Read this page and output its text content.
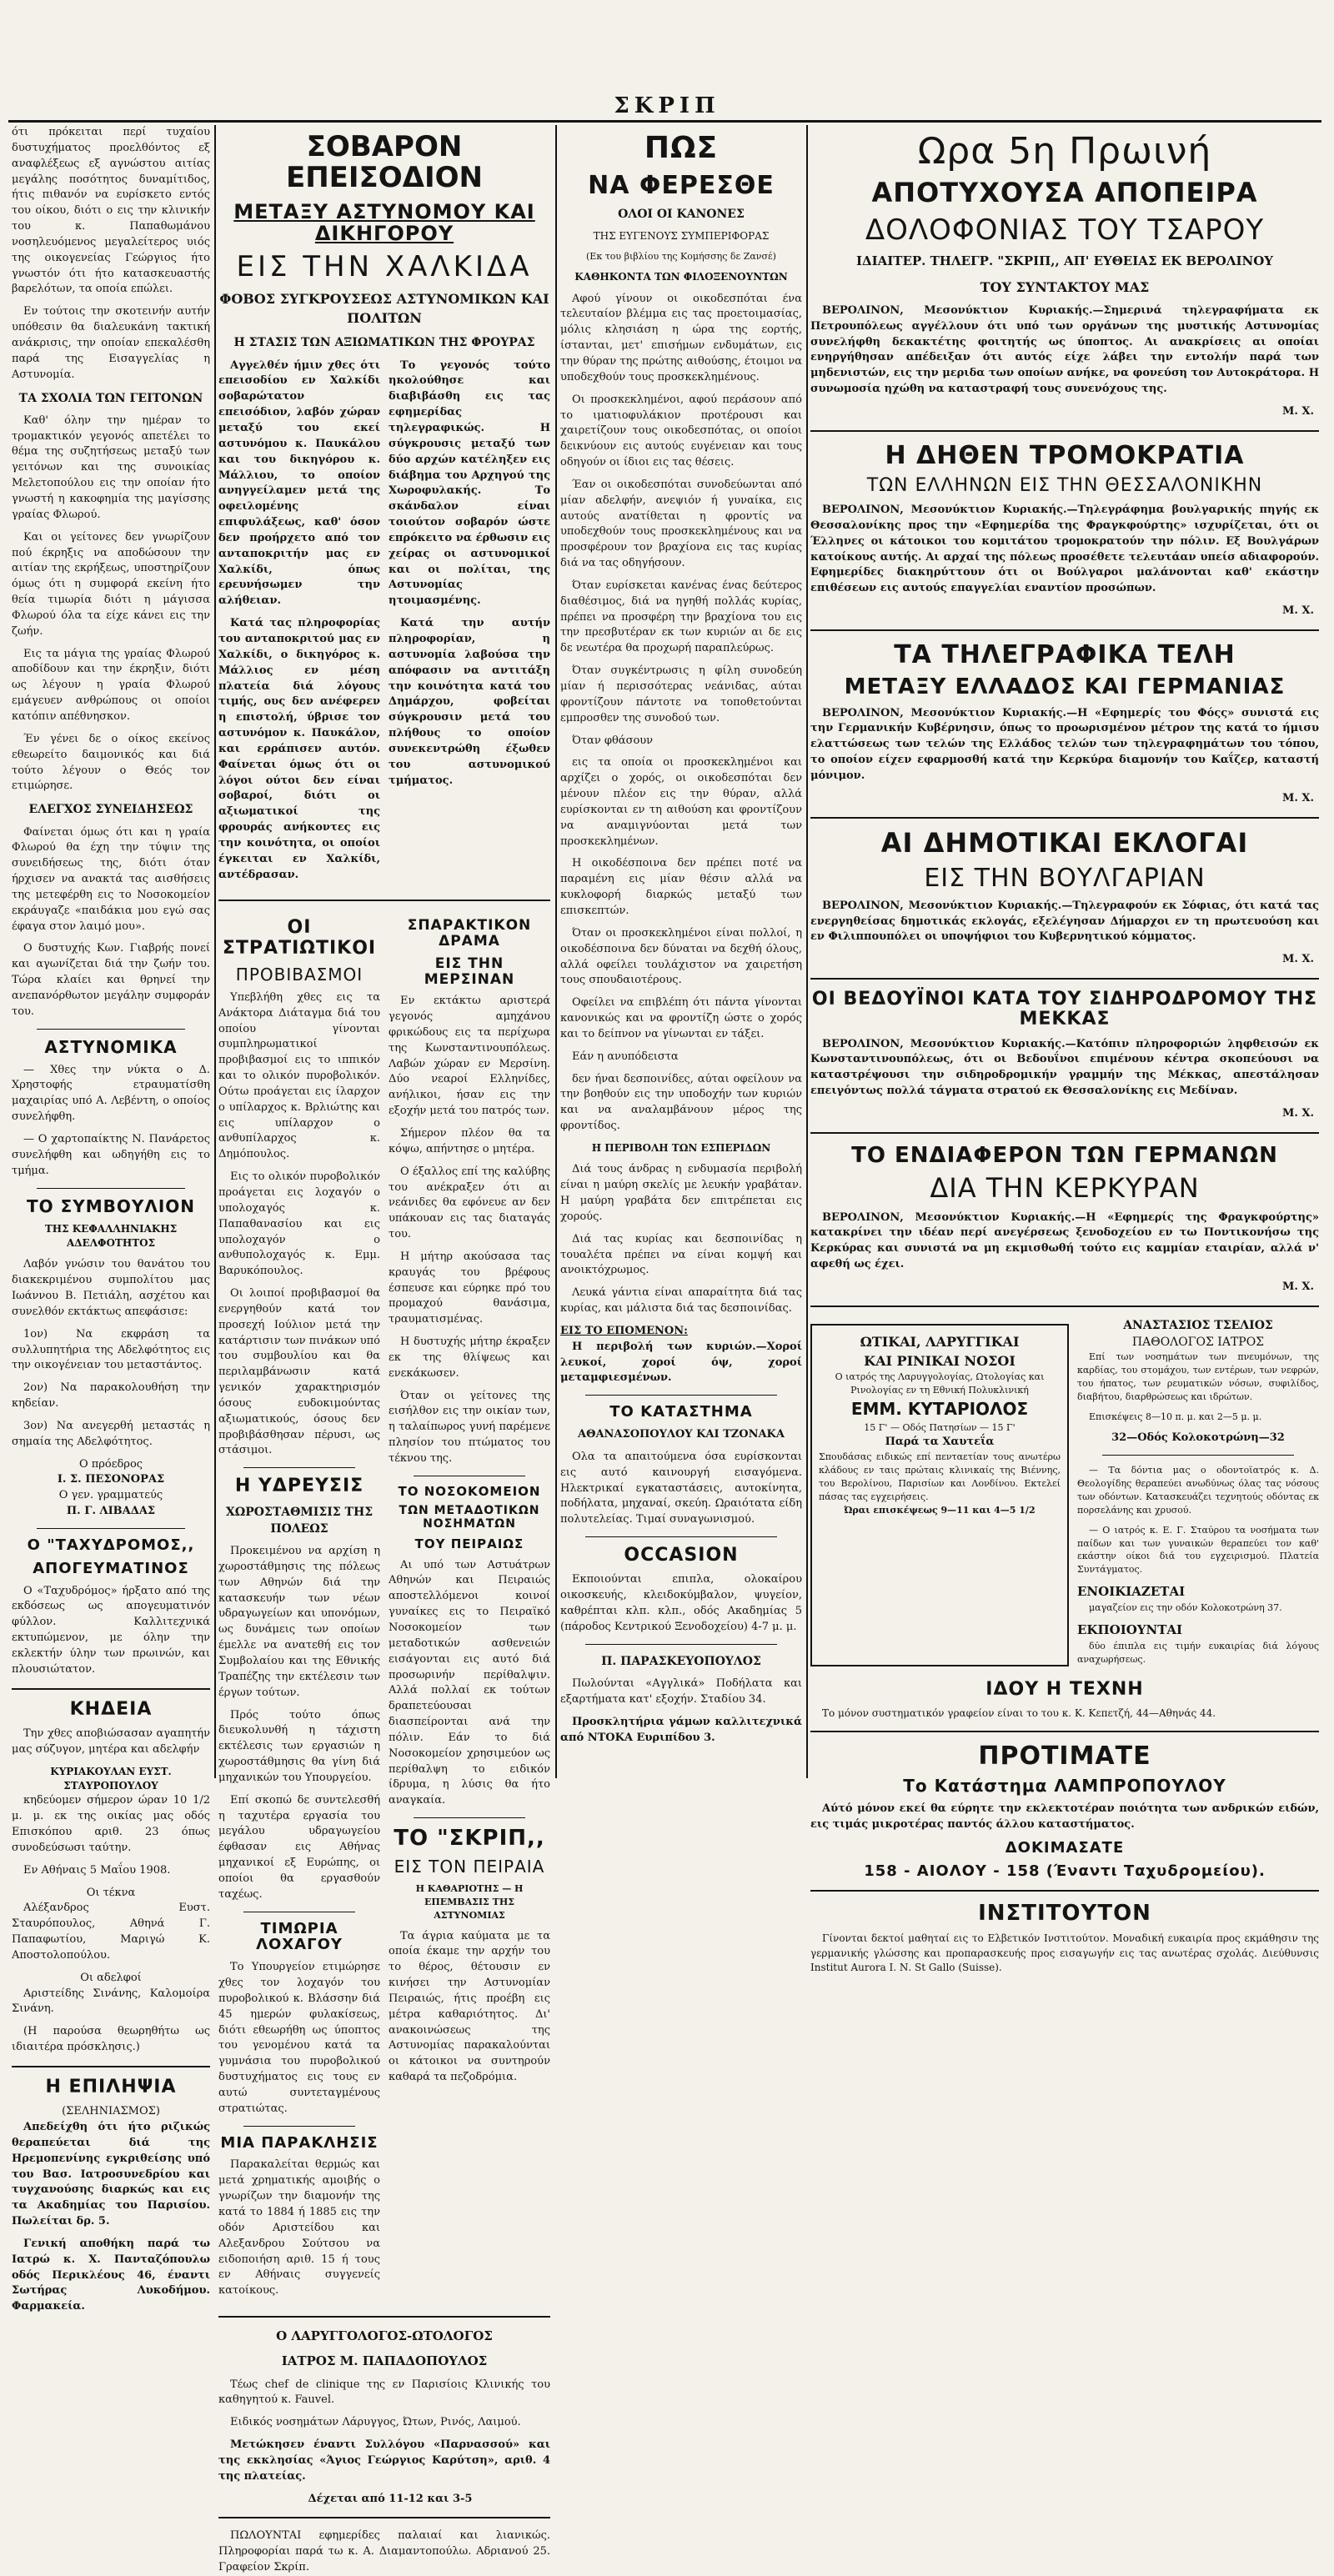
ΣΚΡΙΠ

ότι πρόκειται περί τυχαίου δυστυχήματος προελθόντος εξ αναφλέξεως εξ αγνώστου αιτίας μεγάλης ποσότητος δυναμίτιδος, ήτις πιθανόν να ευρίσκετο εντός του οίκου, διότι ο εις την κλινικήν του κ. Παπαθωμάνου νοσηλευόμενος μεγαλείτερος υιός της οικογενείας Γεώργιος ήτο γνωστόν ότι ήτο κατασκευαστής βαρελότων, τα οποία επώλει.

Εν τούτοις την σκοτεινήν αυτήν υπόθεσιν θα διαλευκάνη τακτική ανάκρισις, την οποίαν επεκαλέσθη παρά της Εισαγγελίας η Αστυνομία.

ΤΑ ΣΧΟΛΙΑ ΤΩΝ ΓΕΙΤΟΝΩΝ

Καθ' όλην την ημέραν το τρομακτικόν γεγονός απετέλει το θέμα της συζητήσεως μεταξύ των γειτόνων και της συνοικίας Μελετοπούλου εις την οποίαν ήτο γνωστή η κακοφημία της μαγίσσης γραίας Φλωρού.

Και οι γείτονες δεν γνωρίζουν πού έκρηξις να αποδώσουν την αιτίαν της εκρήξεως, υποστηρίζουν όμως ότι η συμφορά εκείνη ήτο θεία τιμωρία διότι η μάγισσα Φλωρού όλα τα είχε κάνει εις την ζωήν.

Εις τα μάγια της γραίας Φλωρού αποδίδουν και την έκρηξιν, διότι ως λέγουν η γραία Φλωρού εμάγευεν ανθρώπους οι οποίοι κατόπιν απέθνησκον.

Έν γένει δε ο οίκος εκείνος εθεωρείτο δαιμονικός και διά τούτο λέγουν ο Θεός τον ετιμώρησε.

ΕΛΕΓΧΟΣ ΣΥΝΕΙΔΗΣΕΩΣ

Φαίνεται όμως ότι και η γραία Φλωρού θα έχη την τύψιν της συνειδήσεως της, διότι όταν ήρχισεν να ανακτά τας αισθήσεις της μετεφέρθη εις το Νοσοκομείον εκράυγαζε «παιδάκια μου εγώ σας έφαγα στον λαιμό μου».

Ο δυστυχής Κων. Γιαβρής πονεί και αγωνίζεται διά την ζωήν του. Τώρα κλαίει και θρηνεί την ανεπανόρθωτον μεγάλην συμφοράν του.

ΑΣΤΥΝΟΜΙΚΑ

— Χθες την νύκτα ο Δ. Χρηστοφής ετραυματίσθη μαχαιρίας υπό Α. Λεβέντη, ο οποίος συνελήφθη.

— Ο χαρτοπαίκτης Ν. Πανάρετος συνελήφθη και ωδηγήθη εις το τμήμα.

ΤΟ ΣΥΜΒΟΥΛΙΟΝ
ΤΗΣ ΚΕΦΑΛΛΗΝΙΑΚΗΣ ΑΔΕΛΦΟΤΗΤΟΣ

Λαβόν γνώσιν του θανάτου του διακεκριμένου συμπολίτου μας Ιωάννου Β. Πετιάλη, ασχέτου και συνελθόν εκτάκτως απεφάσισε:

1ον) Να εκφράση τα συλλυπητήρια της Αδελφότητος εις την οικογένειαν του μεταστάντος.

2ον) Να παρακολουθήση την κηδείαν.

3ον) Να ανεγερθή μεταστάς η σημαία της Αδελφότητος.

Ο πρόεδρος
Ι. Σ. ΠΕΣΟΝΟΡΑΣ
Ο γεν. γραμματεύς
Π. Γ. ΛΙΒΑΔΑΣ
Ο "ΤΑΧΥΔΡΟΜΟΣ,,
ΑΠΟΓΕΥΜΑΤΙΝΟΣ

Ο «Ταχυδρόμος» ήρξατο από της εκδόσεως ως απογευματινόν φύλλον. Καλλιτεχνικά εκτυπώμενον, με όλην την εκλεκτήν ύλην των πρωινών, και πλουσιώτατον.

ΚΗΔΕΙΑ

Την χθες αποβιώσασαν αγαπητήν μας σύζυγον, μητέρα και αδελφήν

ΚΥΡΙΑΚΟΥΛΑΝ ΕΥΣΤ. ΣΤΑΥΡΟΠΟΥΛΟΥ

κηδεύομεν σήμερον ώραν 10 1/2 μ. μ. εκ της οικίας μας οδός Επισκόπου αριθ. 23 όπως συνοδεύσωσι ταύτην.

Εν Αθήναις 5 Μαΐου 1908.

Οι τέκνα

Αλέξανδρος Ευστ. Σταυρόπουλος, Αθηνά Γ. Παπαφωτίου, Μαριγώ Κ. Αποστολοπούλου.

Οι αδελφοί

Αριστείδης Σινάνης, Καλομοίρα Σινάνη.

(Η παρούσα θεωρηθήτω ως ιδιαιτέρα πρόσκλησις.)

Η ΕΠΙΛΗΨΙΑ
(ΣΕΛΗΝΙΑΣΜΟΣ)

Απεδείχθη ότι ήτο ριζικώς θεραπεύεται διά της Ηρεμοπενίνης εγκριθείσης υπό του Βασ. Ιατροσυνεδρίου και τυγχανούσης διαρκώς και εις τα Ακαδημίας του Παρισίου. Πωλείται δρ. 5.

Γενική αποθήκη παρά τω Ιατρώ κ. Χ. Πανταζόπουλω οδός Περικλέους 46, έναντι Σωτήρας Λυκοδήμου. Φαρμακεία.

ΣΟΒΑΡΟΝ ΕΠΕΙΣΟΔΙΟΝ
ΜΕΤΑΞΥ ΑΣΤΥΝΟΜΟΥ ΚΑΙ ΔΙΚΗΓΟΡΟΥ
ΕΙΣ ΤΗΝ ΧΑΛΚΙΔΑ
ΦΟΒΟΣ ΣΥΓΚΡΟΥΣΕΩΣ ΑΣΤΥΝΟΜΙΚΩΝ ΚΑΙ ΠΟΛΙΤΩΝ
Η ΣΤΑΣΙΣ ΤΩΝ ΑΞΙΩΜΑΤΙΚΩΝ ΤΗΣ ΦΡΟΥΡΑΣ

Αγγελθέν ήμιν χθες ότι επεισοδίου εν Χαλκίδι σοβαρώτατον επεισόδιον, λαβόν χώραν μεταξύ του εκεί αστυνόμου κ. Παυκάλου και του δικηγόρου κ. Μάλλιου, το οποίον ανηγγείλαμεν μετά της οφειλομένης επιφυλάξεως, καθ' όσον δεν προήρχετο από τον ανταποκριτήν μας εν Χαλκίδι, όπως ερευνήσωμεν την αλήθειαν.

Κατά τας πληροφορίας του ανταποκριτού μας εν Χαλκίδι, ο δικηγόρος κ. Μάλλιος εν μέση πλατεία διά λόγους τιμής, ους δεν ανέφερεν η επιστολή, ύβρισε τον αστυνόμον κ. Παυκάλον, και ερράπισεν αυτόν. Φαίνεται όμως ότι οι λόγοι ούτοι δεν είναι σοβαροί, διότι οι αξιωματικοί της φρουράς ανήκοντες εις την κοινότητα, οι οποίοι έγκειται εν Χαλκίδι, αντέδρασαν.

Το γεγονός τούτο ηκολούθησε και διαβιβάσθη εις τας εφημερίδας τηλεγραφικώς. Η σύγκρουσις μεταξύ των δύο αρχών κατέληξεν εις διάβημα του Αρχηγού της Χωροφυλακής. Το σκάνδαλον είναι τοιούτον σοβαρόν ώστε επρόκειτο να έρθωσιν εις χείρας οι αστυνομικοί και οι πολίται, της Αστυνομίας ητοιμασμένης.

Κατά την αυτήν πληροφορίαν, η αστυνομία λαβούσα την απόφασιν να αντιτάξη την κοινότητα κατά του Δημάρχου, φοβείται σύγκρουσιν μετά του πλήθους το οποίον συνεκεντρώθη έξωθεν του αστυνομικού τμήματος.

ΟΙ ΣΤΡΑΤΙΩΤΙΚΟΙ
ΠΡΟΒΙΒΑΣΜΟΙ

Υπεβλήθη χθες εις τα Ανάκτορα Διάταγμα διά του οποίου γίνονται συμπληρωματικοί προβιβασμοί εις το ιππικόν και το ολικόν πυροβολικόν. Ούτω προάγεται εις ίλαρχον ο υπίλαρχος κ. Βρλιώτης και εις υπίλαρχον ο ανθυπίλαρχος κ. Δημόπουλος.

Εις το ολικόν πυροβολικόν προάγεται εις λοχαγόν ο υπολοχαγός κ. Παπαθανασίου και εις υπολοχαγόν ο ανθυπολοχαγός κ. Εμμ. Βαρυκόπουλος.

Οι λοιποί προβιβασμοί θα ενεργηθούν κατά τον προσεχή Ιούλιον μετά την κατάρτισιν των πινάκων υπό του συμβουλίου και θα περιλαμβάνωσιν κατά γενικόν χαρακτηρισμόν όσους ευδοκιμούντας αξιωματικούς, όσους δεν προβιβάσθησαν πέρυσι, ως στάσιμοι.

Η ΥΔΡΕΥΣΙΣ
ΧΩΡΟΣΤΑΘΜΙΣΙΣ ΤΗΣ ΠΟΛΕΩΣ

Προκειμένου να αρχίση η χωροστάθμησις της πόλεως των Αθηνών διά την κατασκευήν των νέων υδραγωγείων και υπονόμων, ως δυνάμεις των οποίων έμελλε να ανατεθή εις τον Συμβολαίου και της Εθνικής Τραπέζης την εκτέλεσιν των έργων τούτων.

Πρός τούτο όπως διευκολυνθή η τάχιστη εκτέλεσις των εργασιών η χωροστάθμησις θα γίνη διά μηχανικών του Υπουργείου.

Επί σκοπώ δε συντελεσθή η ταχυτέρα εργασία του μεγάλου υδραγωγείου έφθασαν εις Αθήνας μηχανικοί εξ Ευρώπης, οι οποίοι θα εργασθούν ταχέως.

ΤΙΜΩΡΙΑ ΛΟΧΑΓΟΥ

Το Υπουργείον ετιμώρησε χθες τον λοχαγόν του πυροβολικού κ. Βλάσσην διά 45 ημερών φυλακίσεως, διότι εθεωρήθη ως ύποπτος του γενομένου κατά τα γυμνάσια του πυροβολικού δυστυχήματος εις τους εν αυτώ συντεταγμένους στρατιώτας.

ΜΙΑ ΠΑΡΑΚΛΗΣΙΣ

Παρακαλείται θερμώς και μετά χρηματικής αμοιβής ο γνωρίζων την διαμονήν της κατά το 1884 ή 1885 εις την οδόν Αριστείδου και Αλεξανδρου Σούτσου να ειδοποιήση αριθ. 15 ή τους εν Αθήναις συγγενείς κατοίκους.

ΣΠΑΡΑΚΤΙΚΟΝ ΔΡΑΜΑ
ΕΙΣ ΤΗΝ ΜΕΡΣΙΝΑΝ

Εν εκτάκτω αριστερά γεγονός αμηχάνου φρικώδους εις τα περίχωρα της Κωνσταντινουπόλεως. Λαβών χώραν εν Μερσίνη. Δύο νεαροί Ελληνίδες, ανήλικοι, ήσαν εις την εξοχήν μετά του πατρός των.

Σήμερον πλέον θα τα κόψω, απήντησε ο μητέρα.

Ο έξαλλος επί της καλύβης του ανέκραξεν ότι αι νεάνιδες θα εφόνευε αν δεν υπάκουαν εις τας διαταγάς του.

Η μήτηρ ακούσασα τας κραυγάς του βρέφους έσπευσε και εύρηκε πρό του προμαχού θανάσιμα, τραυματισμένας.

Η δυστυχής μήτηρ έκραξεν εκ της θλίψεως και ενεκάκωσεν.

Όταν οι γείτονες της εισήλθον εις την οικίαν των, η ταλαίπωρος γυνή παρέμενε πλησίον του πτώματος του τέκνου της.

ΤΟ ΝΟΣΟΚΟΜΕΙΟΝ
ΤΩΝ ΜΕΤΑΔΟΤΙΚΩΝ ΝΟΣΗΜΑΤΩΝ
ΤΟΥ ΠΕΙΡΑΙΩΣ

Αι υπό των Αστυάτρων Αθηνών και Πειραιώς αποστελλόμενοι κοινοί γυναίκες εις το Πειραϊκό Νοσοκομείον των μεταδοτικών ασθενειών εισάγονται εις αυτό διά προσωρινήν περίθαλψιν. Αλλά πολλαί εκ τούτων δραπετεύουσαι διασπείρονται ανά την πόλιν. Εάν το διά Νοσοκομείον χρησιμεύον ως περίθαλψη το ειδικόν ίδρυμα, η λύσις θα ήτο αναγκαία.

ΤΟ "ΣΚΡΙΠ,,
ΕΙΣ ΤΟΝ ΠΕΙΡΑΙΑ
Η ΚΑΘΑΡΙΟΤΗΣ — Η ΕΠΕΜΒΑΣΙΣ ΤΗΣ ΑΣΤΥΝΟΜΙΑΣ

Τα άγρια καύματα με τα οποία έκαμε την αρχήν του το θέρος, θέτουσιν εν κινήσει την Αστυνομίαν Πειραιώς, ήτις προέβη εις μέτρα καθαριότητος. Δι' ανακοινώσεως της Αστυνομίας παρακαλούνται οι κάτοικοι να συντηρούν καθαρά τα πεζοδρόμια.

Ο ΛΑΡΥΓΓΟΛΟΓΟΣ-ΩΤΟΛΟΓΟΣ
ΙΑΤΡΟΣ Μ. ΠΑΠΑΔΟΠΟΥΛΟΣ

Τέως chef de clinique της εν Παρισίοις Κλινικής του καθηγητού κ. Fauvel.

Ειδικός νοσημάτων Λάρυγγος, Ώτων, Ρινός, Λαιμού.

Μετώκησεν έναντι Συλλόγου «Παρνασσού» και της εκκλησίας «Άγιος Γεώργιος Καρύτση», αριθ. 4 της πλατείας.

Δέχεται από 11-12 και 3-5

ΠΩΛΟΥΝΤΑΙ εφημερίδες παλαιαί και λιανικώς. Πληροφορίαι παρά τω κ. Α. Διαμαντοπούλω. Αδριανού 25. Γραφείον Σκρίπ.

ΠΩΣ
ΝΑ ΦΕΡΕΣΘΕ
ΟΛΟΙ ΟΙ ΚΑΝΟΝΕΣ
ΤΗΣ ΕΥΓΕΝΟΥΣ ΣΥΜΠΕΡΙΦΟΡΑΣ
(Εκ του βιβλίου της Κομήσσης δε Ζανσέ)
ΚΑΘΗΚΟΝΤΑ ΤΩΝ ΦΙΛΟΞΕΝΟΥΝΤΩΝ

Αφού γίνουν οι οικοδεσπόται ένα τελευταίον βλέμμα εις τας προετοιμασίας, μόλις κλησιάση η ώρα της εορτής, ίστανται, μετ' επισήμων ενδυμάτων, εις την θύραν της πρώτης αιθούσης, έτοιμοι να υποδεχθούν τους προσκεκλημένους.

Οι προσκεκλημένοι, αφού περάσουν από το ιματιοφυλάκιον προτέρουσι και χαιρετίζουν τους οικοδεσπότας, οι οποίοι δεικνύουν εις αυτούς ευγένειαν και τους οδηγούν οι ίδιοι εις τας θέσεις.

Έαν οι οικοδεσπόται συνοδεύωνται από μίαν αδελφήν, ανεψιόν ή γυναίκα, εις αυτούς ανατίθεται η φροντίς να υποδεχθούν τους προσκεκλημένους και να προσφέρουν τον βραχίονα εις τας κυρίας διά να τας οδηγήσουν.

Όταν ευρίσκεται κανένας ένας δεύτερος διαθέσιμος, διά να ηγηθή πολλάς κυρίας, πρέπει να προσφέρη την βραχίονα του εις την πρεσβυτέραν εκ των κυριών αι δε εις δε νεωτέρα θα προχωρή παραπλεύρως.

Όταν συγκέντρωσις η φίλη συνοδεύη μίαν ή περισσότερας νεάνιδας, αύται φροντίζουν πάντοτε να τοποθετούνται εμπροσθεν της συνοδού των.

Όταν φθάσουν

εις τα οποία οι προσκεκλημένοι και αρχίζει ο χορός, οι οικοδεσπόται δεν μένουν πλέον εις την θύραν, αλλά ευρίσκονται εν τη αιθούση και φροντίζουν να αναμιγνύονται μετά των προσκεκλημένων.

Η οικοδέσποινα δεν πρέπει ποτέ να παραμένη εις μίαν θέσιν αλλά να κυκλοφορή διαρκώς μεταξύ των επισκεπτών.

Όταν οι προσκεκλημένοι είναι πολλοί, η οικοδέσποινα δεν δύναται να δεχθή όλους, αλλά οφείλει τουλάχιστον να χαιρετήση τους σπουδαιοτέρους.

Οφείλει να επιβλέπη ότι πάντα γίνονται κανονικώς και να φροντίζη ώστε ο χορός και το δείπνον να γίνωνται εν τάξει.

Εάν η ανυπόδειστα

δεν ήναι δεσποινίδες, αύται οφείλουν να την βοηθούν εις την υποδοχήν των κυριών και να αναλαμβάνουν μέρος της φροντίδος.

Η ΠΕΡΙΒΟΛΗ ΤΩΝ ΕΣΠΕΡΙΔΩΝ

Διά τους άνδρας η ενδυμασία περιβολή είναι η μαύρη σκελίς με λευκήν γραβάταν. Η μαύρη γραβάτα δεν επιτρέπεται εις χορούς.

Διά τας κυρίας και δεσποινίδας η τουαλέτα πρέπει να είναι κομψή και ανοικτόχρωμος.

Λευκά γάντια είναι απαραίτητα διά τας κυρίας, και μάλιστα διά τας δεσποινίδας.

ΕΙΣ ΤΟ ΕΠΟΜΕΝΟΝ:

Η περιβολή των κυριών.—Χοροί λευκοί, χοροί όψ, χοροί μεταμφιεσμένων.

ΤΟ ΚΑΤΑΣΤΗΜΑ
ΑΘΑΝΑΣΟΠΟΥΛΟΥ ΚΑΙ ΤΖΟΝΑΚΑ

Ολα τα απαιτούμενα όσα ευρίσκονται εις αυτό καινουργή εισαγόμενα. Ηλεκτρικαί εγκαταστάσεις, αυτοκίνητα, ποδήλατα, μηχαναί, σκεύη. Ωραιότατα είδη πολυτελείας. Τιμαί συναγωνισμού.

OCCASION

Εκποιούνται επιπλα, ολοκαίρου οικοσκευής, κλειδοκύμβαλον, ψυγείον, καθρέπται κλπ. κλπ., οδός Ακαδημίας 5 (πάροδος Κεντρικού Ξενοδοχείου) 4-7 μ. μ.

Π. ΠΑΡΑΣΚΕΥΟΠΟΥΛΟΣ

Πωλούνται «Αγγλικά» Ποδήλατα και εξαρτήματα κατ' εξοχήν. Σταδίου 34.

Προσκλητήρια γάμων καλλιτεχνικά από ΝΤΟΚΑ Ευριπίδου 3.

Ωρα 5η Πρωινή
ΑΠΟΤΥΧΟΥΣΑ ΑΠΟΠΕΙΡΑ
ΔΟΛΟΦΟΝΙΑΣ ΤΟΥ ΤΣΑΡΟΥ
ΙΔΙΑΙΤΕΡ. ΤΗΛΕΓΡ. "ΣΚΡΙΠ,, ΑΠ' ΕΥΘΕΙΑΣ ΕΚ ΒΕΡΟΛΙΝΟΥ
ΤΟΥ ΣΥΝΤΑΚΤΟΥ ΜΑΣ

ΒΕΡΟΛΙΝΟΝ, Μεσονύκτιον Κυριακής.—Σημερινά τηλεγραφήματα εκ Πετρουπόλεως αγγέλλουν ότι υπό των οργάνων της μυστικής Αστυνομίας συνελήφθη δεκακτέτης φοιτητής ως ύποπτος. Αι ανακρίσεις αι οποίαι ενηργήθησαν απέδειξαν ότι αυτός είχε λάβει την εντολήν παρά των μηδενιστών, εις την μεριδα των οποίων ανήκε, να φονεύση τον Αυτοκράτορα. Η συνωμοσία ηχώθη να καταστραφή τους συνενόχους της.

Μ. Χ.
Η ΔΗΘΕΝ ΤΡΟΜΟΚΡΑΤΙΑ
ΤΩΝ ΕΛΛΗΝΩΝ ΕΙΣ ΤΗΝ ΘΕΣΣΑΛΟΝΙΚΗΝ

ΒΕΡΟΛΙΝΟΝ, Μεσονύκτιον Κυριακής.—Τηλεγράφημα βουλγαρικής πηγής εκ Θεσσαλονίκης προς την «Εφημερίδα της Φραγκφούρτης» ισχυρίζεται, ότι οι Έλληνες οι κάτοικοι του κομιτάτου τρομοκρατούν την πόλιν. Εξ Βουλγάρων κατοίκους αυτής. Αι αρχαί της πόλεως προσέθετε τελευτάαν υπείσ αδιαφορούν. Εφημερίδες διακηρύττουν ότι οι Βούλγαροι μαλάνονται καθ' εκάστην επιθέσεων εις αυτούς επαγγελίαι εναντίον προσώπων.

Μ. Χ.
ΤΑ ΤΗΛΕΓΡΑΦΙΚΑ ΤΕΛΗ
ΜΕΤΑΞΥ ΕΛΛΑΔΟΣ ΚΑΙ ΓΕΡΜΑΝΙΑΣ

ΒΕΡΟΛΙΝΟΝ, Μεσονύκτιον Κυριακής.—Η «Εφημερίς του Φόςς» συνιστά εις την Γερμανικήν Κυβέρνησιν, όπως το προωρισμένον μέτρον της κατά το ήμισυ ελαττώσεως των τελών της Ελλάδος τελών των τηλεγραφημάτων του τόπου, το οποίον είχεν εφαρμοσθή κατά την Κερκύρα διαμονήν του Καΐζερ, καταστή μόνιμον.

Μ. Χ.
ΑΙ ΔΗΜΟΤΙΚΑΙ ΕΚΛΟΓΑΙ
ΕΙΣ ΤΗΝ ΒΟΥΛΓΑΡΙΑΝ

ΒΕΡΟΛΙΝΟΝ, Μεσονύκτιον Κυριακής.—Τηλεγραφούν εκ Σόφιας, ότι κατά τας ενεργηθείσας δημοτικάς εκλογάς, εξελέγησαν Δήμαρχοι εν τη πρωτευούση και εν Φιλιππουπόλει οι υποψήφιοι του Κυβερνητικού κόμματος.

Μ. Χ.
ΟΙ ΒΕΔΟΥΪΝΟΙ ΚΑΤΑ ΤΟΥ ΣΙΔΗΡΟΔΡΟΜΟΥ ΤΗΣ ΜΕΚΚΑΣ

ΒΕΡΟΛΙΝΟΝ, Μεσονύκτιον Κυριακής.—Κατόπιν πληροφοριών ληφθεισών εκ Κωνσταντινουπόλεως, ότι οι Βεδουΐνοι επιμένουν κέντρα σκοπεύουσι να καταστρέψουσι την σιδηροδρομικήν γραμμήν της Μέκκας, απεστάλησαν επειγόντως πολλά τάγματα στρατού εκ Θεσσαλονίκης εις Μεδίναν.

Μ. Χ.
ΤΟ ΕΝΔΙΑΦΕΡΟΝ ΤΩΝ ΓΕΡΜΑΝΩΝ
ΔΙΑ ΤΗΝ ΚΕΡΚΥΡΑΝ

ΒΕΡΟΛΙΝΟΝ, Μεσονύκτιον Κυριακής.—Η «Εφημερίς της Φραγκφούρτης» κατακρίνει την ιδέαν περί ανεγέρσεως ξενοδοχείου εν τω Ποντικονήσω της Κερκύρας και συνιστά να μη εκμισθωθή τούτο εις καμμίαν εταιρίαν, αλλά ν' αφεθή ως έχει.

Μ. Χ.
ΩΤΙΚΑΙ, ΛΑΡΥΓΓΙΚΑΙ
ΚΑΙ ΡΙΝΙΚΑΙ ΝΟΣΟΙ
Ο ιατρός της Λαρυγγολογίας, Ωτολογίας και Ρινολογίας εν τη Εθνική Πολυκλινική
ΕΜΜ. ΚΥΤΑΡΙΟΛΟΣ
15 Γ' — Οδός Πατησίων — 15 Γ'
Παρά τα Χαυτεΐα
Σπουδάσας ειδικώς επί πενταετίαν τους ανωτέρω κλάδους εν ταις πρώταις κλινικαίς της Βιέννης, του Βερολίνου, Παρισίων και Λονδίνου. Εκτελεί πάσας τας εγχειρήσεις.
Ώραι επισκέψεως 9—11 και 4—5 1/2
ΑΝΑΣΤΑΣΙΟΣ ΤΣΕΛΙΟΣ
ΠΑΘΟΛΟΓΟΣ ΙΑΤΡΟΣ

Επί των νοσημάτων των πνευμόνων, της καρδίας, του στομάχου, των εντέρων, των νεφρών, του ήπατος, των ρευματικών νόσων, συφιλίδος, διαβήτου, διαρθρώσεως και ιδρώτων.

Επισκέψεις 8—10 π. μ. και 2—5 μ. μ.

32—Οδός Κολοκοτρώνη—32

— Τα δόντια μας ο οδοντοϊατρός κ. Δ. Θεολογίδης θεραπεύει ανωδύνως όλας τας νόσους των οδόντων. Κατασκευάζει τεχνητούς οδόντας εκ πορσελάνης και χρυσού.

— Ο ιατρός κ. Ε. Γ. Σταύρου τα νοσήματα των παίδων και των γυναικών θεραπεύει τον καθ' εκάστην οίκοι διά του εγχειρισμού. Πλατεία Συντάγματος.

ΕΝΟΙΚΙΑΖΕΤΑΙ

μαγαζείον εις την οδόν Κολοκοτρώνη 37.

ΕΚΠΟΙΟΥΝΤΑΙ

δύο έπιπλα εις τιμήν ευκαιρίας διά λόγους αναχωρήσεως.

ΙΔΟΥ Η ΤΕΧΝΗ

Το μόνον συστηματικόν γραφείον είναι το του κ. Κ. Κεπετζή, 44—Αθηνάς 44.

ΠΡΟΤΙΜΑΤΕ
Το Κατάστημα ΛΑΜΠΡΟΠΟΥΛΟΥ

Αύτό μόνον εκεί θα εύρητε την εκλεκτοτέραν ποιότητα των ανδρικών ειδών, εις τιμάς μικροτέρας παντός άλλου καταστήματος.

ΔΟΚΙΜΑΣΑΤΕ
158 - ΑΙΟΛΟΥ - 158 (Έναντι Ταχυδρομείου).
ΙΝΣΤΙΤΟΥΤΟΝ

Γίνονται δεκτοί μαθηταί εις το Ελβετικόν Ινστιτούτον. Μοναδική ευκαιρία προς εκμάθησιν της γερμανικής γλώσσης και προπαρασκευής προς εισαγωγήν εις τας ανωτέρας σχολάς. Διεύθυνσις Institut Aurora Ι. Ν. St Gallo (Suisse).
